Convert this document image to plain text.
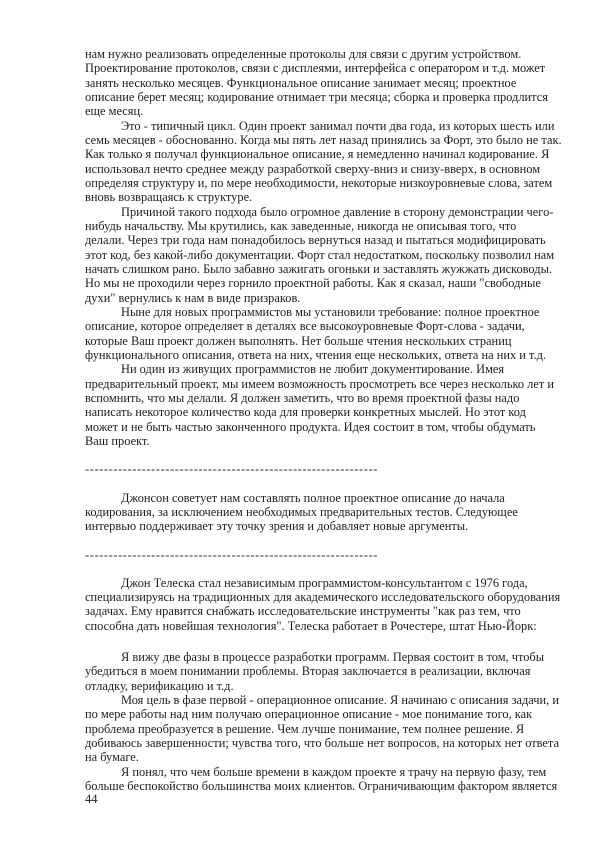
нам нужно реализовать определенные протоколы для связи с другим устройством.
Проектирование протоколов, связи с дисплеями, интерфейса с оператором и т.д. может
занять несколько месяцев. Функциональное описание занимает месяц; проектное
описание берет месяц; кодирование отнимает три месяца; сборка и проверка продлится
еще месяц.
Это - типичный цикл. Один проект занимал почти два года, из которых шесть или
семь месяцев - обоснованно. Когда мы пять лет назад принялись за Форт, это было не так.
Как только я получал функциональное описание, я немедленно начинал кодирование. Я
использовал нечто среднее между разработкой сверху-вниз и снизу-вверх, в основном
определяя структуру и, по мере необходимости, некоторые низкоуровневые слова, затем
вновь возвращаясь к структуре.
Причиной такого подхода было огромное давление в сторону демонстрации чего-
нибудь начальству. Мы крутились, как заведенные, никогда не описывая того, что
делали. Через три года нам понадобилось вернуться назад и пытаться модифицировать
этот код, без какой-либо документации. Форт стал недостатком, поскольку позволил нам
начать слишком рано. Было забавно зажигать огоньки и заставлять жужжать дисководы.
Но мы не проходили через горнило проектной работы. Как я сказал, наши "свободные
духи" вернулись к нам в виде призраков.
Ныне для новых программистов мы установили требование: полное проектное
описание, которое определяет в деталях все высокоуровневые Форт-слова - задачи,
которые Ваш проект должен выполнять. Нет больше чтения нескольких страниц
функционального описания, ответа на них, чтения еще нескольких, ответа на них и т.д.
Ни один из живущих программистов не любит документирование. Имея
предварительный проект, мы имеем возможность просмотреть все через несколько лет и
вспомнить, что мы делали. Я должен заметить, что во время проектной фазы надо
написать некоторое количество кода для проверки конкретных мыслей. Но этот код
может и не быть частью законченного продукта. Идея состоит в том, чтобы обдумать
Ваш проект.
--------------------------------------------------------------
Джонсон советует нам составлять полное проектное описание до начала
кодирования, за исключением необходимых предварительных тестов. Следующее
интервью поддерживает эту точку зрения и добавляет новые аргументы.
--------------------------------------------------------------
Джон Телеска стал независимым программистом-консультантом с 1976 года,
специализируясь на традиционных для академического исследовательского оборудования
задачах. Ему нравится снабжать исследовательские инструменты "как раз тем, что
способна дать новейшая технология". Телеска работает в Рочестере, штат Нью-Йорк:
Я вижу две фазы в процессе разработки программ. Первая состоит в том, чтобы
убедиться в моем понимании проблемы. Вторая заключается в реализации, включая
отладку, верификацию и т.д.
Моя цель в фазе первой - операционное описание. Я начинаю с описания задачи, и
по мере работы над ним получаю операционное описание - мое понимание того, как
проблема преобразуется в решение. Чем лучше понимание, тем полнее решение. Я
добиваюсь завершенности; чувства того, что больше нет вопросов, на которых нет ответа
на бумаге.
Я понял, что чем больше времени в каждом проекте я трачу на первую фазу, тем
больше беспокойство большинства моих клиентов. Ограничивающим фактором является
44
